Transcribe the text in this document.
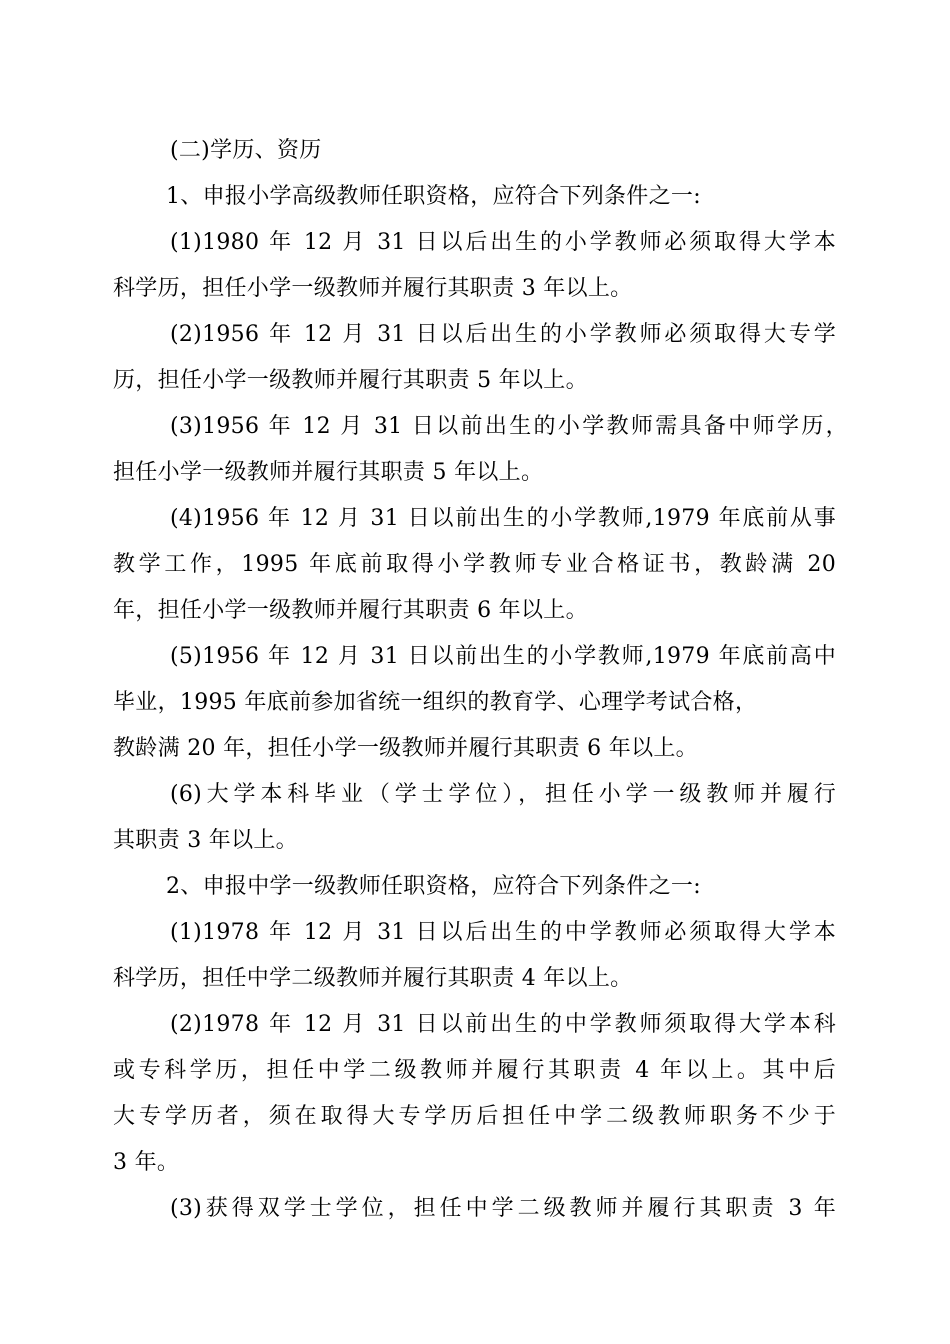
(二)学历、资历
1、申报小学高级教师任职资格，应符合下列条件之一:
(1)1980 年 12 月 31 日以后出生的小学教师必须取得大学本
科学历，担任小学一级教师并履行其职责 3 年以上。
(2)1956 年 12 月 31 日以后出生的小学教师必须取得大专学
历，担任小学一级教师并履行其职责 5 年以上。
(3)1956 年 12 月 31 日以前出生的小学教师需具备中师学历，
担任小学一级教师并履行其职责 5 年以上。
(4)1956 年 12 月 31 日以前出生的小学教师,1979 年底前从事
教学工作，1995 年底前取得小学教师专业合格证书，教龄满 20
年，担任小学一级教师并履行其职责 6 年以上。
(5)1956 年 12 月 31 日以前出生的小学教师,1979 年底前高中
毕业，1995 年底前参加省统一组织的教育学、心理学考试合格，
教龄满 20 年，担任小学一级教师并履行其职责 6 年以上。
(6)大学本科毕业（学士学位），担任小学一级教师并履行
其职责 3 年以上。
2、申报中学一级教师任职资格，应符合下列条件之一:
(1)1978 年 12 月 31 日以后出生的中学教师必须取得大学本
科学历，担任中学二级教师并履行其职责 4 年以上。
(2)1978 年 12 月 31 日以前出生的中学教师须取得大学本科
或专科学历，担任中学二级教师并履行其职责 4 年以上。其中后
大专学历者，须在取得大专学历后担任中学二级教师职务不少于
3 年。
(3)获得双学士学位，担任中学二级教师并履行其职责 3 年
